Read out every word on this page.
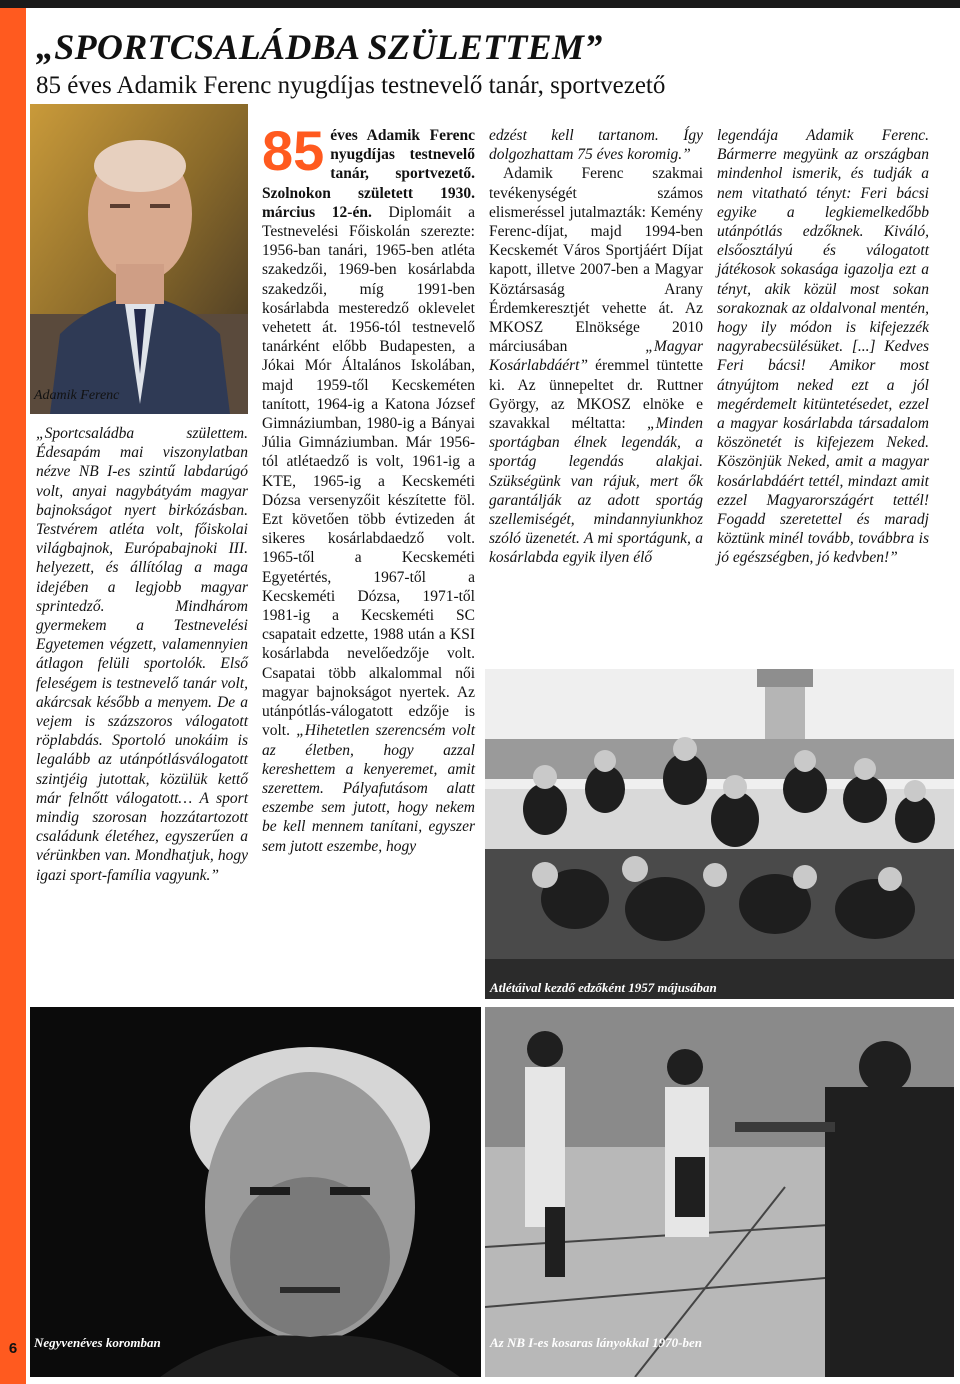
6
„SPORTCSALÁDBA SZÜLETTEM”
85 éves Adamik Ferenc nyugdíjas testnevelő tanár, sportvezető
Adamik Ferenc

„Sportcsaládba születtem. Édesapám mai viszonylatban nézve NB I-es szintű labdarúgó volt, anyai nagybátyám magyar bajnokságot nyert birkózásban. Testvérem atléta volt, főiskolai világbajnok, Európabajnoki III. helyezett, és állítólag a maga idejében a legjobb magyar sprintedző. Mindhárom gyermekem a Testnevelési Egyetemen végzett, valamennyien átlagon felüli sportolók. Első feleségem is testnevelő tanár volt, akárcsak később a menyem. De a vejem is százszoros válogatott röplabdás. Sportoló unokáim is legalább az utánpótlásválogatott szintjéig jutottak, közülük kettő már felnőtt válogatott… A sport mindig szorosan hozzátartozott családunk életéhez, egyszerűen a vérünkben van. Mondhatjuk, hogy igazi sport-família vagyunk.”

85 éves Adamik Ferenc nyugdíjas testnevelő tanár, sportvezető. Szolnokon született 1930. március 12-én. Diplomáit a Testnevelési Főiskolán szerezte: 1956-ban tanári, 1965-ben atléta szakedzői, 1969-ben kosárlabda szakedzői, míg 1991-ben kosárlabda mesteredző oklevelet vehetett át. 1956-tól testnevelő tanárként előbb Budapesten, a Jókai Mór Általános Iskolában, majd 1959-től Kecskeméten tanított, 1964-ig a Katona József Gimnáziumban, 1980-ig a Bányai Júlia Gimnáziumban. Már 1956-tól atlétaedző is volt, 1961-ig a KTE, 1965-ig a Kecskeméti Dózsa versenyzőit készítette föl. Ezt követően több évtizeden át sikeres kosárlabdaedző volt. 1965-től a Kecskeméti Egyetértés, 1967-től a Kecskeméti Dózsa, 1971-től 1981-ig a Kecskeméti SC csapatait edzette, 1988 után a KSI kosárlabda nevelőedzője volt. Csapatai több alkalommal női magyar bajnokságot nyertek. Az utánpótlás-válogatott edzője is volt. „Hihetetlen szerencsém volt az életben, hogy azzal kereshettem a kenyeremet, amit szerettem. Pályafutásom alatt eszembe sem jutott, hogy nekem be kell mennem tanítani, egyszer sem jutott eszembe, hogy

edzést kell tartanom. Így dolgozhattam 75 éves koromig.”

Adamik Ferenc szakmai tevékenységét számos elismeréssel jutalmazták: Kemény Ferenc-díjat, majd 1994-ben Kecskemét Város Sportjáért Díjat kapott, illetve 2007-ben a Magyar Köztársaság Arany Érdemkeresztjét vehette át. Az MKOSZ Elnöksége 2010 márciusában	„Magyar Kosárlabdáért” éremmel tüntette ki. Az ünnepeltet dr. Ruttner György, az MKOSZ elnöke e szavakkal méltatta: „Minden sportágban élnek legendák, a sportág legendás alakjai. Szükségünk van rájuk, mert ők garantálják az adott sportág szellemiségét, mindannyiunkhoz szóló üzenetét. A mi sportágunk, a kosárlabda egyik ilyen élő

legendája Adamik Ferenc. Bármerre megyünk az országban mindenhol ismerik, és tudják a nem vitatható tényt: Feri bácsi egyike a legkiemelkedőbb utánpótlás edzőknek. Kiváló, elsőosztályú és válogatott játékosok sokasága igazolja ezt a tényt, akik közül most sokan sorakoznak az oldalvonal mentén, hogy ily módon is kifejezzék nagyrabecsülésüket. [...] Kedves Feri bácsi! Amikor most átnyújtom neked ezt a jól megérdemelt kitüntetésedet, ezzel a magyar kosárlabda társadalom köszönetét is kifejezem Neked. Köszönjük Neked, amit a magyar kosárlabdáért tettél, mindazt amit ezzel Magyarországért tettél! Fogadd szeretettel és maradj köztünk minél tovább, továbbra is jó egészségben, jó kedvben!”

Atlétáival kezdő edzőként 1957 májusában
Negyvenéves koromban	Az NB I-es kosaras lányokkal 1970-ben
